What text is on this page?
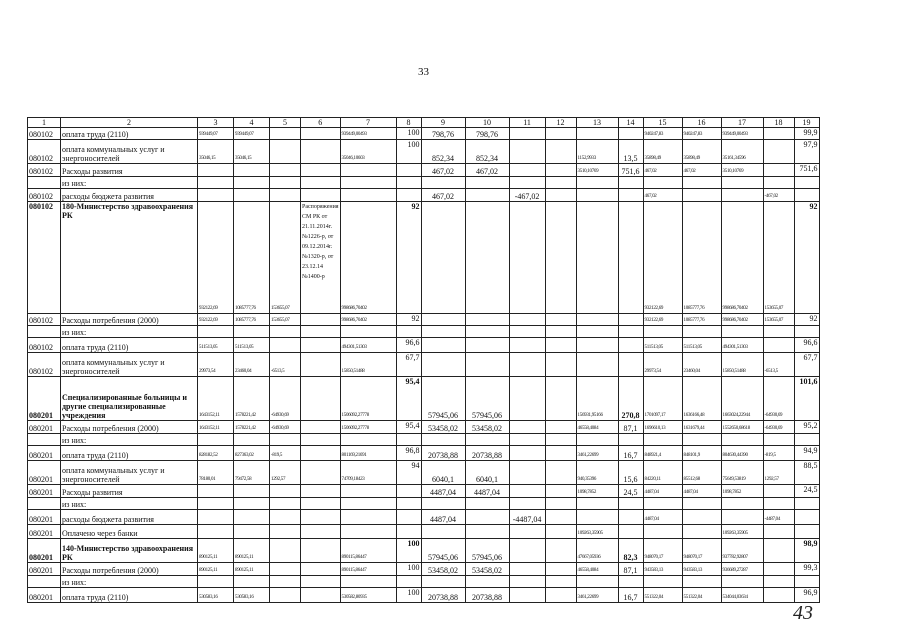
33
1	2	3	4	5	6	7	8	9	10	11	12	13	14	15	16	17	18	19
080102	оплата труда (2110)	939449,07	939449,07			939449,00493	100	798,76	798,76					940247,83	940247,83	939449,00493		99,9
080102	оплата коммунальных услуг и энергоносителей	35046,15	35046,15			35046,10603	100	852,34	852,34			1152,9933	13,5	35898,49	35898,49	35161,34596		97,9
080102	Расходы развития							467,02	467,02			3510,10769	751,6	467,02	467,02	3510,10769		751,6
	из них:																	
080102	расходы бюджета развития							467,02		-467,02				467,02			-467,02	
080102	180-Министерство здравоохранения РК	932122,69	1085777,76	153655,07	Распоряжения СМ РК от 21.11.2014г. №1226-р, от 09.12.2014г. №1320-р, от 23.12.14 №1400-р	998686,70402	92							932122,69	1085777,76	998686,70402	153655,07	92
080102	Расходы потребления (2000)	932122,69	1085777,76	153655,07		998686,70402	92							932122,69	1085777,76	998686,70402	153655,07	92
	из них:																	
080102	оплата труда (2110)	511513,05	511513,05			494301,51303	96,6							511513,05	511513,05	494301,51303		96,6
080102	оплата коммунальных услуг и энергоносителей	29973,54	23460,04	-6513,5		15850,51488	67,7							29973,54	23460,04	15850,51488	-6513,5	67,7
080201	Специализированные больницы и другие специализированные учреждения	1643152,11	1578221,42	-64930,69		1506092,27778	95,4	57945,06	57945,06			156931,95166	270,8	1701097,17	1636166,48	1663024,22944	-64930,69	101,6
080201	Расходы потребления (2000)	1643152,11	1578221,42	-64930,69		1506092,27778	95,4	53458,02	53458,02			46558,4084	87,1	1696610,13	1631679,44	1552650,68618	-64930,69	95,2
	из них:																	
080201	оплата труда (2110)	828182,52	827363,02	-819,5		801169,21691	96,8	20738,88	20738,88			3461,22699	16,7	848921,4	848101,9	804630,44390	-819,5	94,9
080201	оплата коммунальных услуг и энергоносителей	78180,01	79472,58	1292,57		74709,18423	94	6040,1	6040,1			940,35396	15,6	84220,11	85512,68	75649,53819	1292,57	88,5
080201	Расходы развития							4487,04	4487,04			1098,7852	24,5	4487,04	4487,04	1098,7852		24,5
	из них:																	
080201	расходы бюджета развития							4487,04		-4487,04				4487,04			-4487,04	
080201	Оплачено через банки											109263,35905				109263,35905		
080201	140-Министерство здравоохранения РК	890125,11	890125,11			890115,86447	100	57945,06	57945,06			47667,05936	82,3	948070,17	948070,17	937782,92807		98,9
080201	Расходы потребления (2000)	890125,11	890125,11			890115,86447	100	53458,02	53458,02			46558,4084	87,1	943583,13	943583,13	936689,27287		99,3
	из них:																	
080201	оплата труда (2110)	530583,16	530583,16			530582,80935	100	20738,88	20738,88			3461,22699	16,7	551322,04	551322,04	534044,03634		96,9
43
